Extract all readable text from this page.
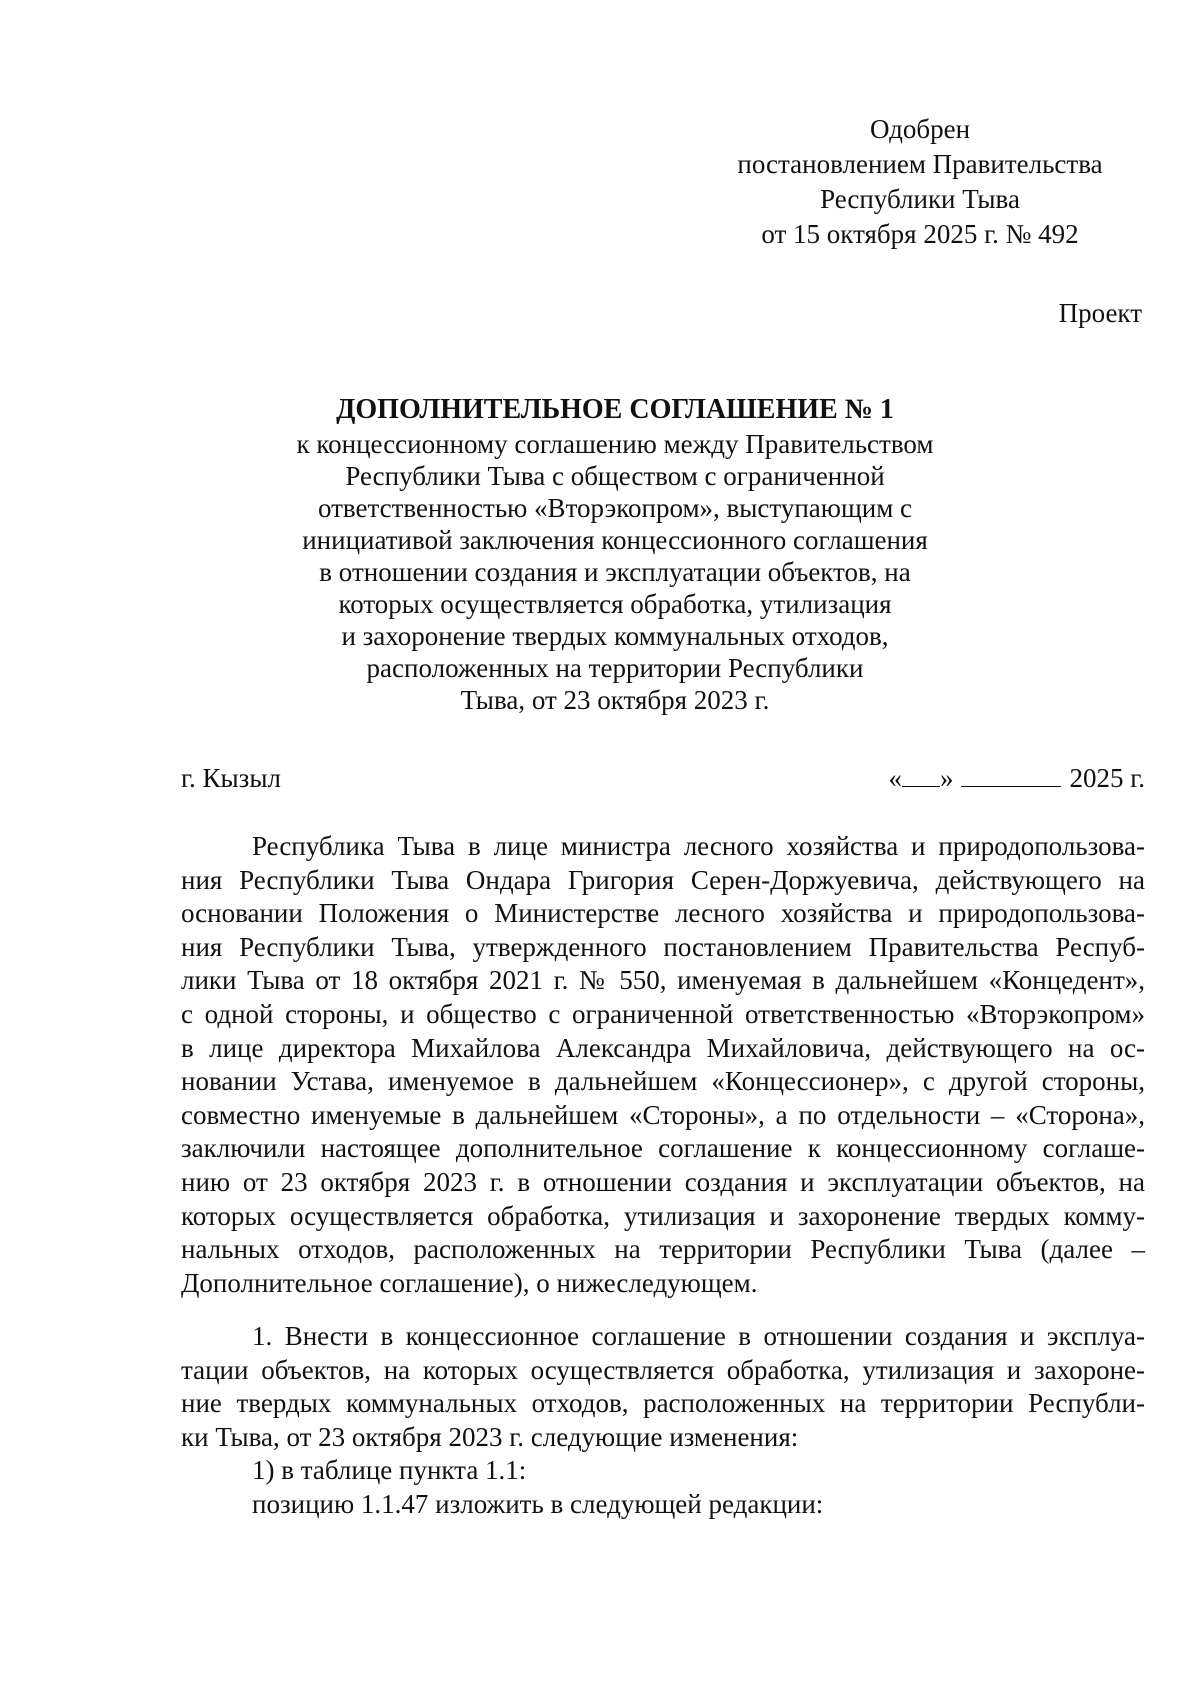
Одобрен
постановлением Правительства
Республики Тыва
от 15 октября 2025 г. № 492
Проект
ДОПОЛНИТЕЛЬНОЕ СОГЛАШЕНИЕ № 1
к концессионному соглашению между Правительством
Республики Тыва с обществом с ограниченной
ответственностью «Вторэкопром», выступающим с
инициативой заключения концессионного соглашения
в отношении создания и эксплуатации объектов, на
которых осуществляется обработка, утилизация
и захоронение твердых коммунальных отходов,
расположенных на территории Республики
Тыва, от 23 октября 2023 г.
г. Кызыл	« »	2025 г.
Республика Тыва в лице министра лесного хозяйства и природопользова-
ния Республики Тыва Ондара Григория Серен-Доржуевича, действующего на
основании Положения о Министерстве лесного хозяйства и природопользова-
ния Республики Тыва, утвержденного постановлением Правительства Респуб-
лики Тыва от 18 октября 2021 г. № 550, именуемая в дальнейшем «Концедент»,
с одной стороны, и общество с ограниченной ответственностью «Вторэкопром»
в лице директора Михайлова Александра Михайловича, действующего на ос-
новании Устава, именуемое в дальнейшем «Концессионер», с другой стороны,
совместно именуемые в дальнейшем «Стороны», а по отдельности – «Сторона»,
заключили настоящее дополнительное соглашение к концессионному соглаше-
нию от 23 октября 2023 г. в отношении создания и эксплуатации объектов, на
которых осуществляется обработка, утилизация и захоронение твердых комму-
нальных отходов, расположенных на территории Республики Тыва (далее –
Дополнительное соглашение), о нижеследующем.
1. Внести в концессионное соглашение в отношении создания и эксплуа-
тации объектов, на которых осуществляется обработка, утилизация и захороне-
ние твердых коммунальных отходов, расположенных на территории Республи-
ки Тыва, от 23 октября 2023 г. следующие изменения:
1) в таблице пункта 1.1:
позицию 1.1.47 изложить в следующей редакции:
